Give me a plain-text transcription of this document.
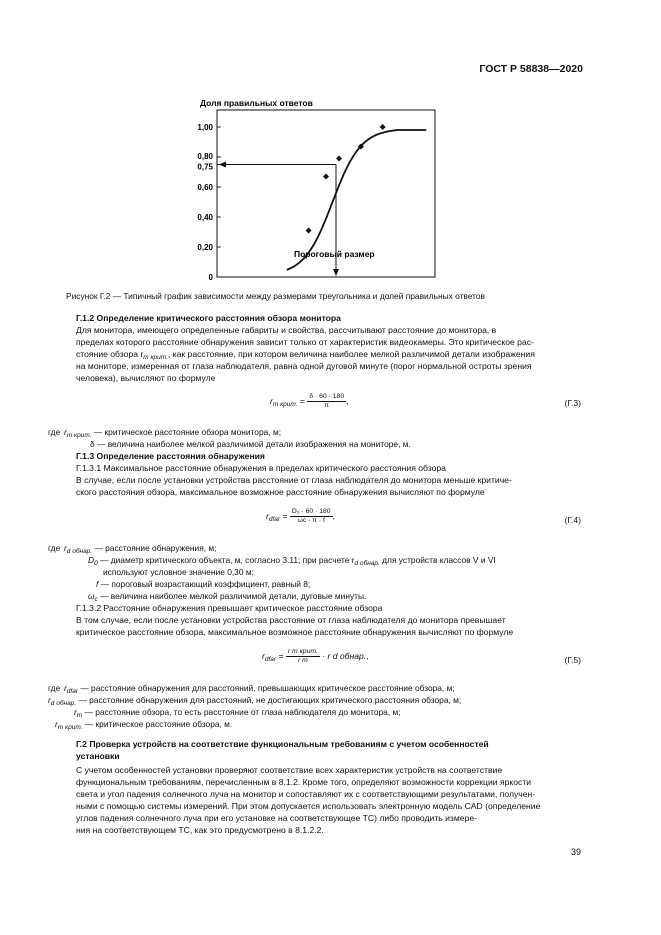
ГОСТ Р 58838—2020
Доля правильных ответов
1,00
0,80
0,75
0,60
0,40
0,20
0
Пороговый размер
Рисунок Г.2 — Типичный график зависимости между размерами треугольника и долей правильных ответов
Г.1.2 Определение критического расстояния обзора монитора
Для монитора, имеющего определенные габариты и свойства, рассчитывают расстояние до монитора, в
пределах которого расстояние обнаружения зависит только от характеристик видеокамеры. Это критическое рас-
стояние обзора $r_{m крит.}$, как расстояние, при котором величина наиболее мелкой различимой детали изображения
на мониторе, измеренная от глаза наблюдателя, равна одной дуговой минуте (порог нормальной остроты зрения
человека), вычисляют по формуле
$r_{m крит.} = \frac{\delta \cdot 60 \cdot 180}{\pi}$ ,	(Г.3)
где $r_{m крит.}$ — критическое расстояние обзора монитора, м;
δ — величина наиболее мелкой различимой детали изображения на мониторе, м.
Г.1.3 Определение расстояния обнаружения
Г.1.3.1 Максимальное расстояние обнаружения в пределах критического расстояния обзора
В случае, если после установки устройства расстояние от глаза наблюдателя до монитора меньше критиче-
ского расстояния обзора, максимальное возможное расстояние обнаружения вычисляют по формуле
$r_{dfar} = \frac{\text{D₀ · 60 · 180}}{\omega c \cdot \pi \cdot f}$ ,	(Г.4)
где $r_{d обнар.}$ — расстояние обнаружения, м;
$D_0$ — диаметр критического объекта, м, согласно 3.11; при расчете $r_{d обнар.}$ для устройств классов V и VI
используют условное значение 0,30 м;
f — пороговый возрастающий коэффициент, равный 8;
$\omega_c$ — величина наиболее мелкой различимой детали, дуговые минуты.
Г.1.3.2 Расстояние обнаружения превышает критическое расстояние обзора
В том случае, если после установки устройства расстояние от глаза наблюдателя до монитора превышает
критическое расстояние обзора, максимальное возможное расстояние обнаружения вычисляют по формуле
$r_{dfar} = \frac{\text{r m крит.}}{\text{r m}} \cdot r$ d обнар.,	(Г.5)
где $r_{dfar}$ — расстояние обнаружения для расстояний, превышающих критическое расстояние обзора, м;
$r_{d обнар.}$ — расстояние обнаружения для расстояний, не достигающих критического расстояния обзора, м;
$r_m$ — расстояние обзора, то есть расстояние от глаза наблюдателя до монитора, м;
$r_{m крит.}$ — критическое расстояние обзора, м.
Г.2 Проверка устройств на соответствие функциональным требованиям с учетом особенностей
установки
С учетом особенностей установки проверяют соответствие всех характеристик устройств на соответствие
функциональным требованиям, перечисленным в 8.1.2. Кроме того, определяют возможности коррекции яркости
света и угол падения солнечного луча на монитор и сопоставляют их с соответствующими результатами, получен-
ными с помощью системы измерений. При этом допускается использовать электронную модель CAD (определение
углов падения солнечного луча при его установке на соответствующее ТС) либо проводить измере-
ния на соответствующем ТС, как это предусмотрено в 8.1.2.2.
39
